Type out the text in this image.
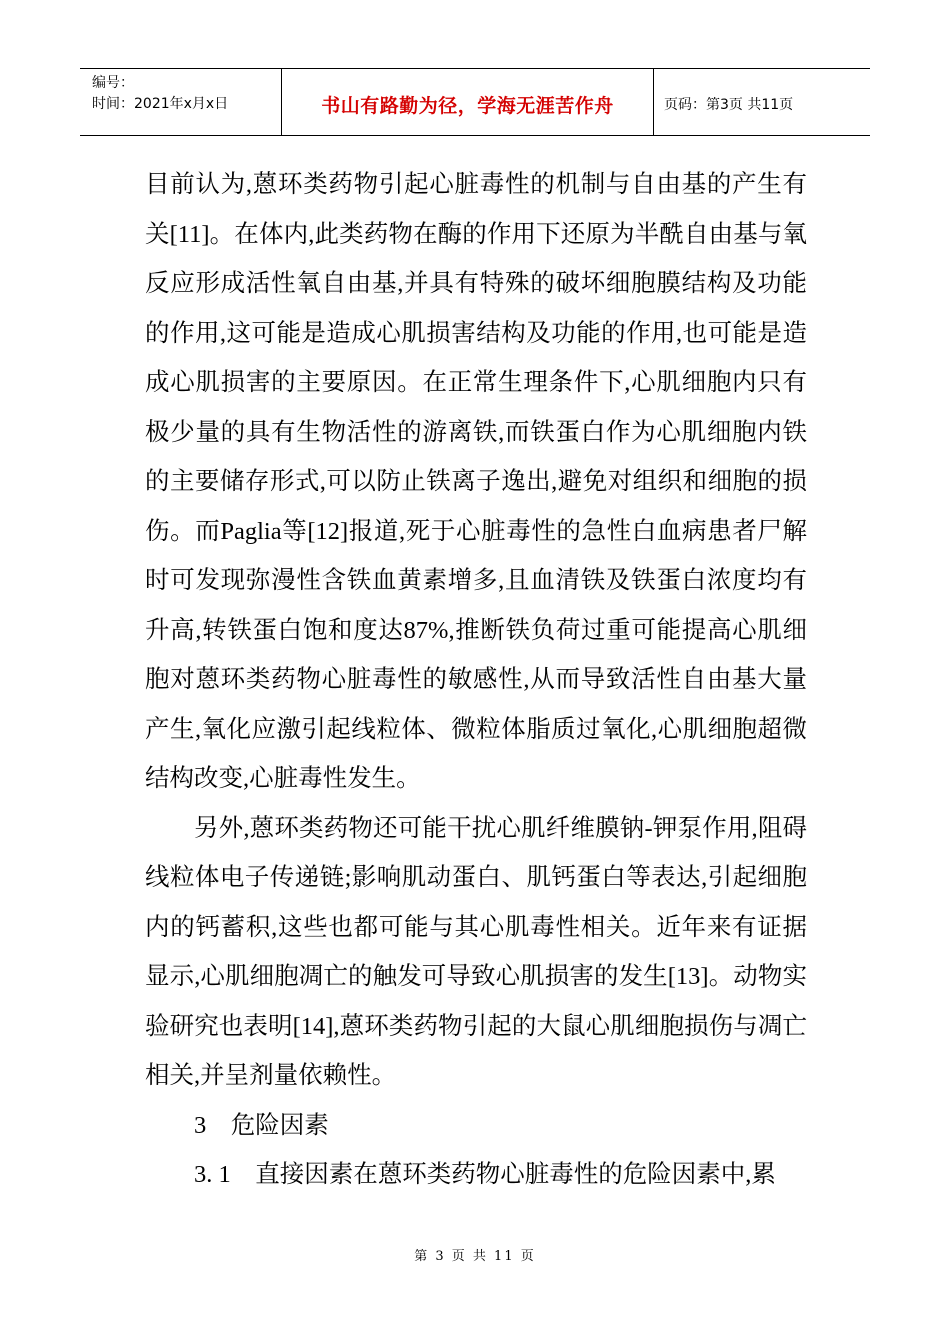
编号：
时间：2021年x月x日	书山有路勤为径，学海无涯苦作舟	页码：第3页 共11页

目前认为,蒽环类药物引起心脏毒性的机制与自由基的产生有关[11]。在体内,此类药物在酶的作用下还原为半酰自由基与氧反应形成活性氧自由基,并具有特殊的破坏细胞膜结构及功能的作用,这可能是造成心肌损害结构及功能的作用,也可能是造成心肌损害的主要原因。在正常生理条件下,心肌细胞内只有极少量的具有生物活性的游离铁,而铁蛋白作为心肌细胞内铁的主要储存形式,可以防止铁离子逸出,避免对组织和细胞的损伤。而Paglia等[12]报道,死于心脏毒性的急性白血病患者尸解时可发现弥漫性含铁血黄素增多,且血清铁及铁蛋白浓度均有升高,转铁蛋白饱和度达87%,推断铁负荷过重可能提高心肌细胞对蒽环类药物心脏毒性的敏感性,从而导致活性自由基大量产生,氧化应激引起线粒体、微粒体脂质过氧化,心肌细胞超微结构改变,心脏毒性发生。

另外,蒽环类药物还可能干扰心肌纤维膜钠-钾泵作用,阻碍线粒体电子传递链;影响肌动蛋白、肌钙蛋白等表达,引起细胞内的钙蓄积,这些也都可能与其心肌毒性相关。近年来有证据显示,心肌细胞凋亡的触发可导致心肌损害的发生[13]。动物实验研究也表明[14],蒽环类药物引起的大鼠心肌细胞损伤与凋亡相关,并呈剂量依赖性。

3　危险因素

3. 1　直接因素在蒽环类药物心脏毒性的危险因素中,累

第 3 页 共 11 页
